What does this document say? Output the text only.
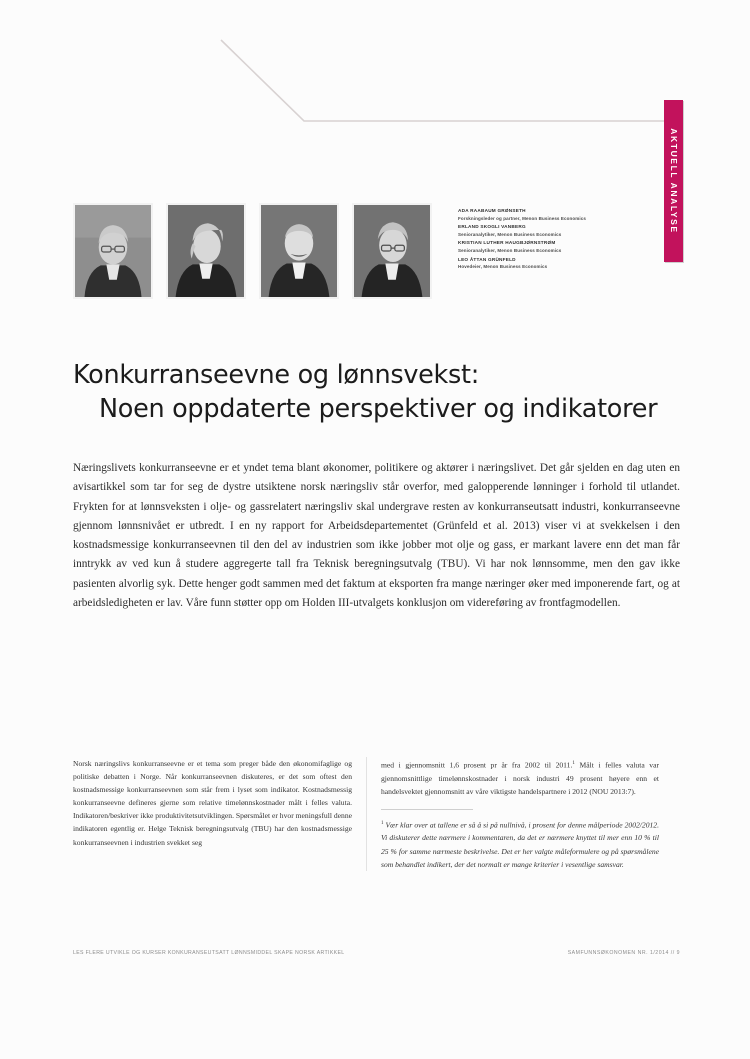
AKTUELL ANALYSE
ADA RAABAUM GRØNSETH
Forskningsleder og partner, Menon Business Economics
ERLAND SKOGLI VANBERG
Senioranalytiker, Menon Business Economics
KRISTIAN LUTHER HAUGBJØRNSTRØM
Senioranalytiker, Menon Business Economics
LEO ÅTTAN GRÜNFELD
Hovedeier, Menon Business Economics
Konkurranseevne og lønnsvekst:
Noen oppdaterte perspektiver og indikatorer
Næringslivets konkurranseevne er et yndet tema blant økonomer, politikere og aktører i næringslivet. Det går sjelden en dag uten en avisartikkel som tar for seg de dystre utsiktene norsk næringsliv står overfor, med galopperende lønninger i forhold til utlandet. Frykten for at lønnsveksten i olje- og gassrelatert næringsliv skal undergrave resten av konkurranseutsatt industri, konkurranseevne gjennom lønnsnivået er utbredt. I en ny rapport for Arbeidsdepartementet (Grünfeld et al. 2013) viser vi at svekkelsen i den kostnadsmessige konkurranseevnen til den del av industrien som ikke jobber mot olje og gass, er markant lavere enn det man får inntrykk av ved kun å studere aggregerte tall fra Teknisk beregningsutvalg (TBU). Vi har nok lønnsomme, men den gav ikke pasienten alvorlig syk. Dette henger godt sammen med det faktum at eksporten fra mange næringer øker med imponerende fart, og at arbeidsledigheten er lav. Våre funn støtter opp om Holden III-utvalgets konklusjon om videreføring av frontfagmodellen.

Norsk næringslivs konkurranseevne er et tema som preger både den økonomifaglige og politiske debatten i Norge. Når konkurranseevnen diskuteres, er det som oftest den kostnadsmessige konkurranseevnen som står frem i lyset som indikator. Kostnadsmessig konkurranseevne defineres gjerne som relative timelønnskostnader målt i felles valuta. Indikatoren/beskriver ikke produktivitetsutviklingen. Spørsmålet er hvor meningsfull denne indikatoren egentlig er. Helge Teknisk beregningsutvalg (TBU) har den kostnadsmessige konkurranseevnen i industrien svekket seg

med i gjennomsnitt 1,6 prosent pr år fra 2002 til 2011.$^1$ Målt i felles valuta var gjennomsnittlige timelønnskostnader i norsk industri 49 prosent høyere enn et handelsvektet gjennomsnitt av våre viktigste handelspartnere i 2012 (NOU 2013:7).

$^1$ Vær klar over at tallene er så å si på nullnivå, i prosent for denne målperiode 2002/2012. Vi diskuterer dette nærmere i kommentaren, da det er nærmere knyttet til mer enn 10 % til 25 % for samme nærmeste beskrivelse. Det er her valgte måleformulere og på spørsmålene som behandlet indikert, der det normalt er mange kriterier i vesentlige samsvar.

LES FLERE UTVIKLE OG KURSER KONKURANSEUTSATT LØNNSMIDDEL SKAPE NORSK ARTIKKEL	SAMFUNNSØKONOMEN NR. 1/2014 // 9
